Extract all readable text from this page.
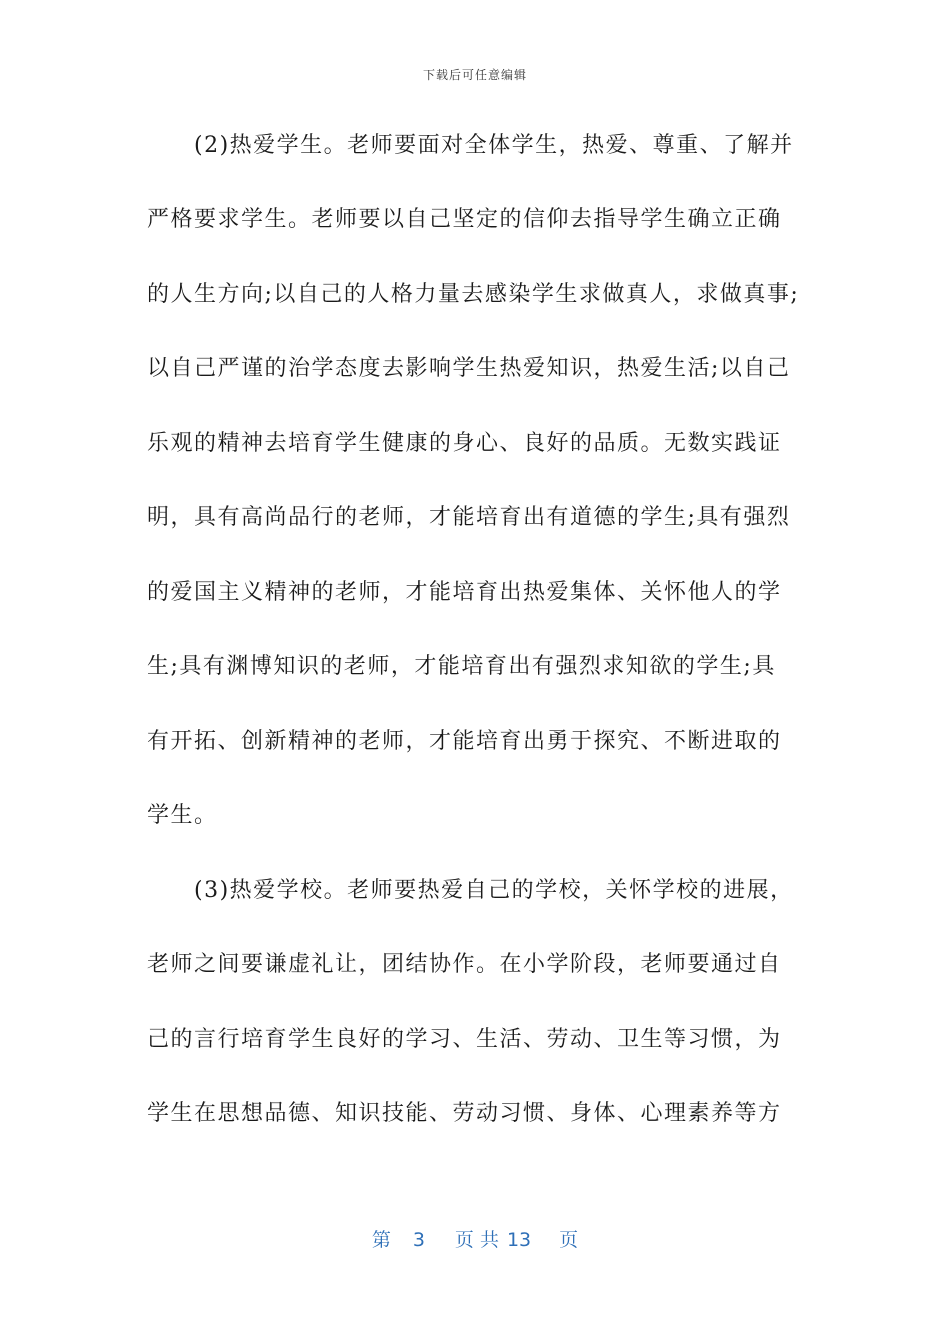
下载后可任意编辑
(2)热爱学生。老师要面对全体学生，热爱、尊重、了解并
严格要求学生。老师要以自己坚定的信仰去指导学生确立正确
的人生方向;以自己的人格力量去感染学生求做真人，求做真事;
以自己严谨的治学态度去影响学生热爱知识，热爱生活;以自己
乐观的精神去培育学生健康的身心、良好的品质。无数实践证
明，具有高尚品行的老师，才能培育出有道德的学生;具有强烈
的爱国主义精神的老师，才能培育出热爱集体、关怀他人的学
生;具有渊博知识的老师，才能培育出有强烈求知欲的学生;具
有开拓、创新精神的老师，才能培育出勇于探究、不断进取的
学生。
(3)热爱学校。老师要热爱自己的学校，关怀学校的进展，
老师之间要谦虚礼让，团结协作。在小学阶段，老师要通过自
己的言行培育学生良好的学习、生活、劳动、卫生等习惯，为
学生在思想品德、知识技能、劳动习惯、身体、心理素养等方
第 3 页 共 13 页
